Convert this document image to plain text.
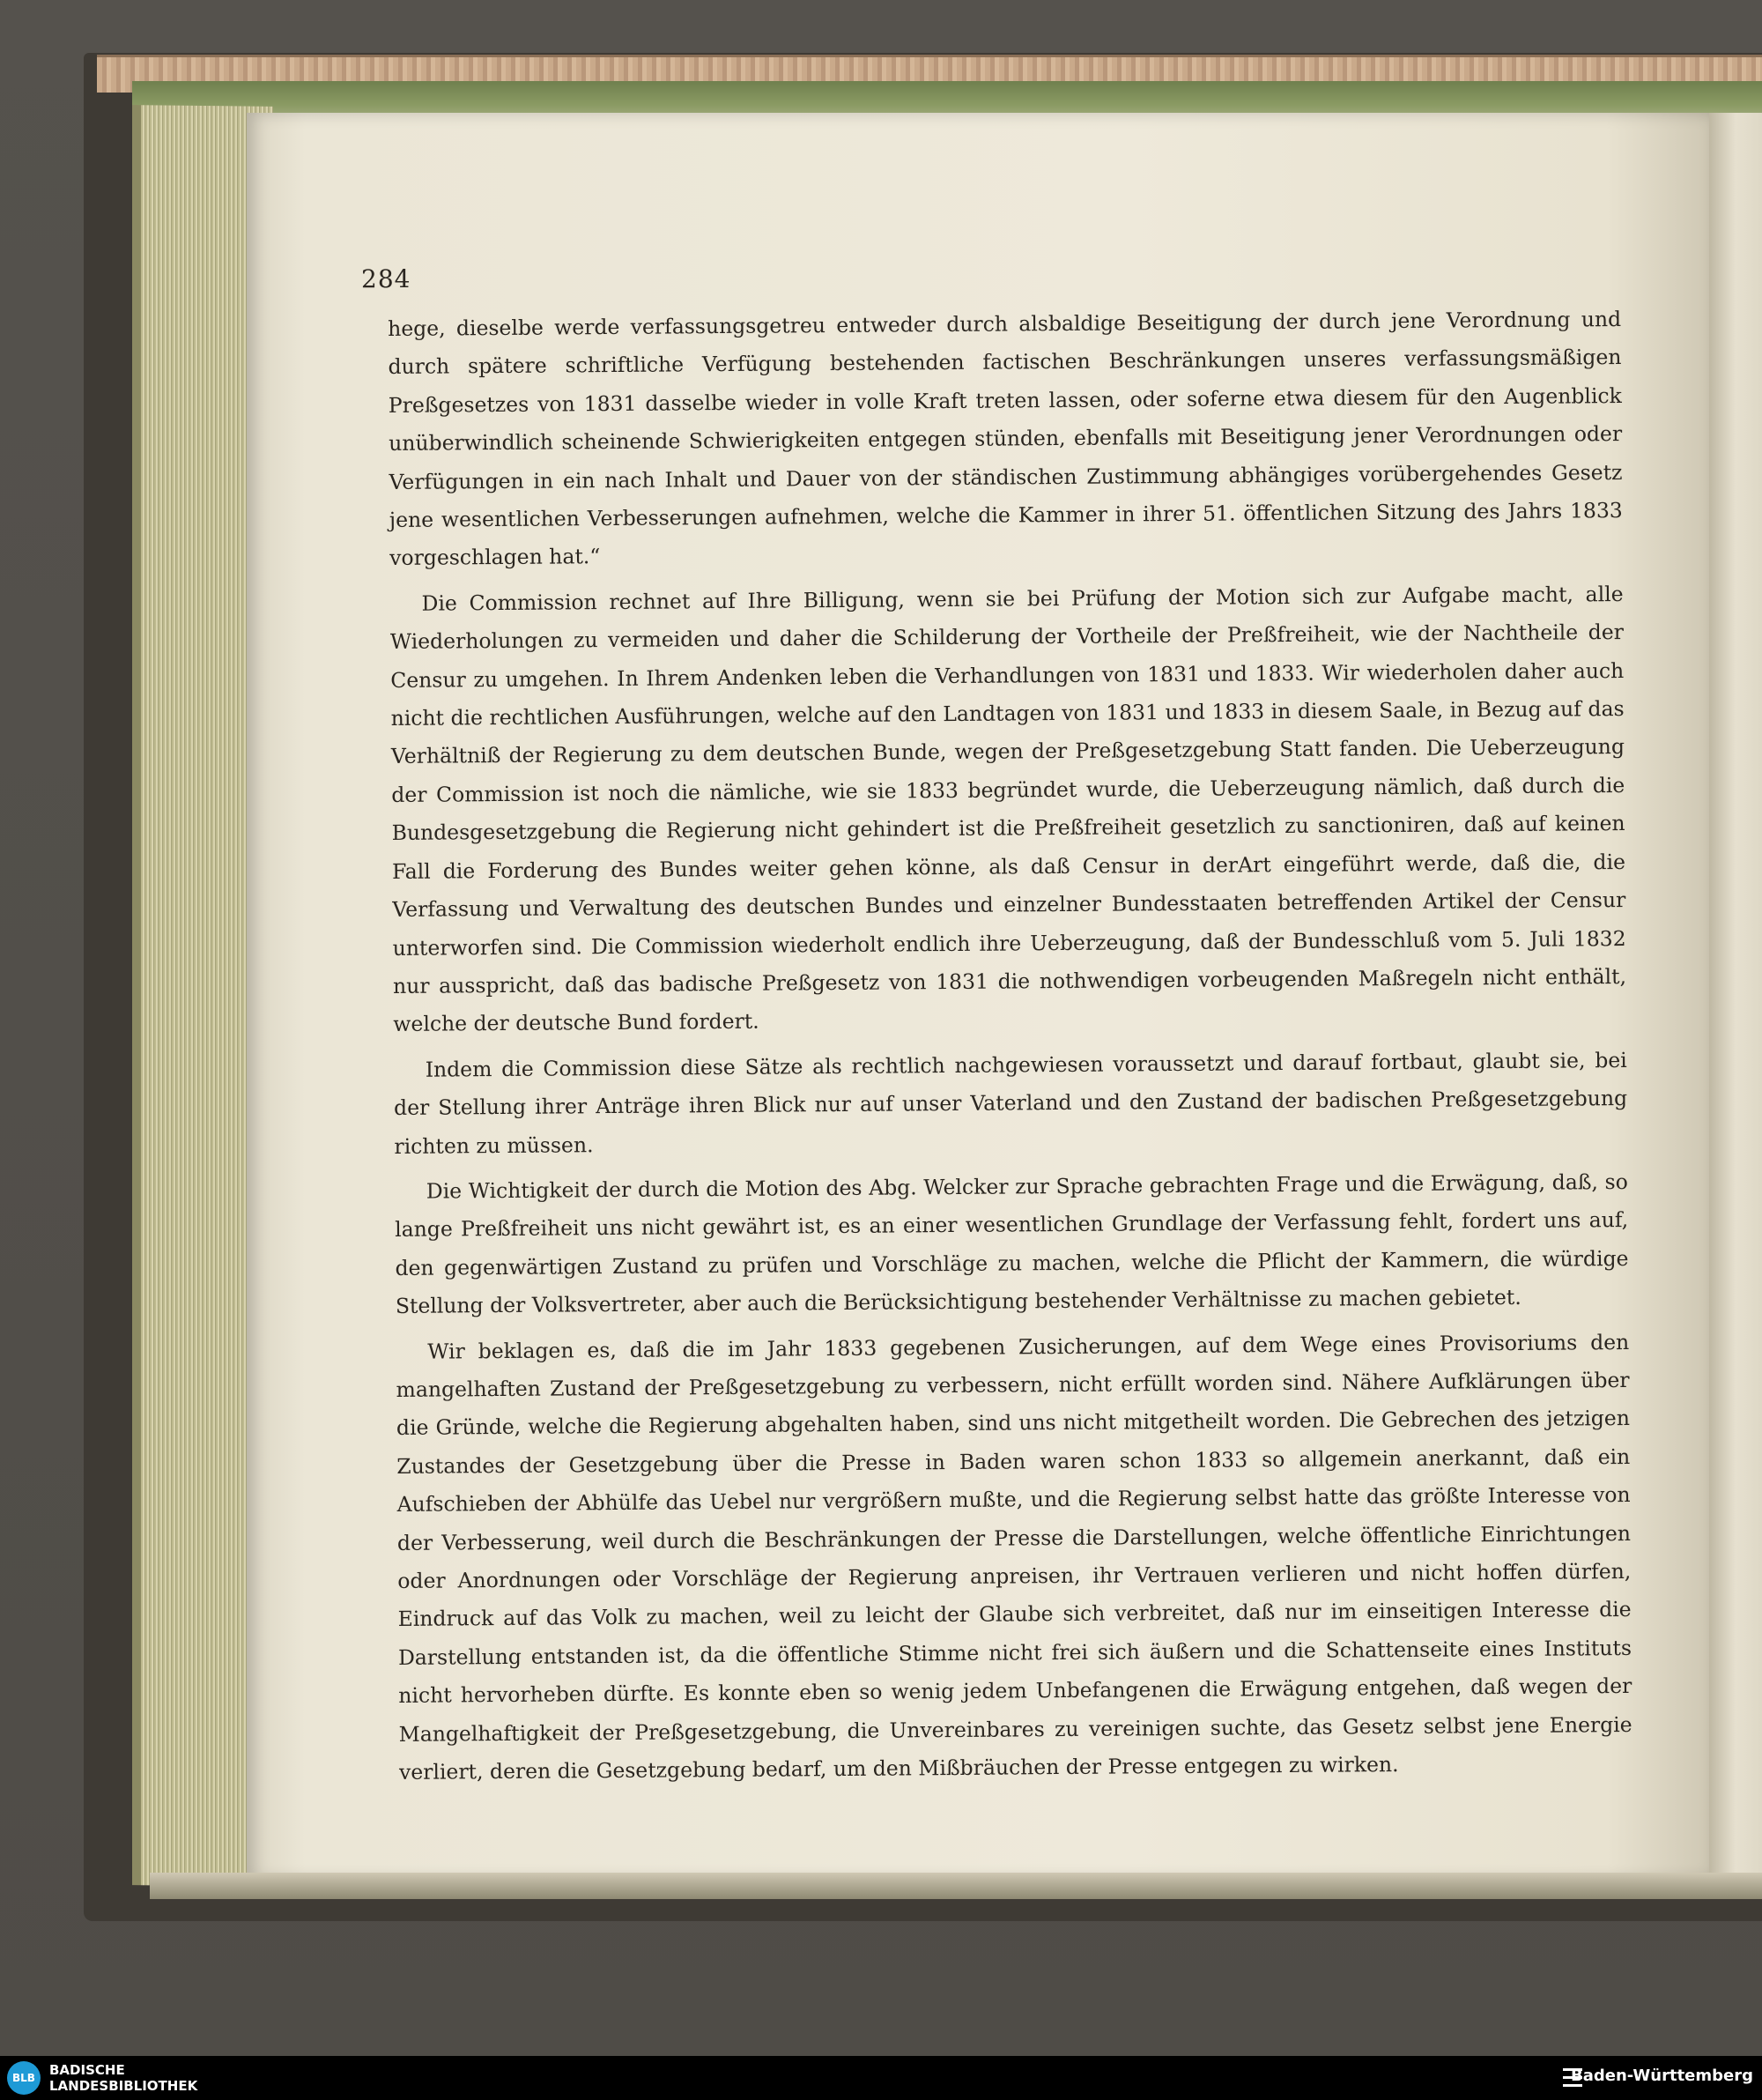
284

hege, dieselbe werde verfassungsgetreu entweder durch alsbaldige Beseitigung der durch jene Verordnung und durch spätere schriftliche Verfügung bestehenden factischen Beschränkungen unseres verfassungsmäßigen Preßgesetzes von 1831 dasselbe wieder in volle Kraft treten lassen, oder soferne etwa diesem für den Augenblick unüberwindlich scheinende Schwierigkeiten entgegen stünden, ebenfalls mit Beseitigung jener Verordnungen oder Verfügungen in ein nach Inhalt und Dauer von der ständischen Zustimmung abhängiges vorübergehendes Gesetz jene wesentlichen Verbesserungen aufnehmen, welche die Kammer in ihrer 51. öffentlichen Sitzung des Jahrs 1833 vorgeschlagen hat.“

Die Commission rechnet auf Ihre Billigung, wenn sie bei Prüfung der Motion sich zur Aufgabe macht, alle Wiederholungen zu vermeiden und daher die Schilderung der Vortheile der Preßfreiheit, wie der Nachtheile der Censur zu umgehen. In Ihrem Andenken leben die Verhandlungen von 1831 und 1833. Wir wiederholen daher auch nicht die rechtlichen Ausführungen, welche auf den Landtagen von 1831 und 1833 in diesem Saale, in Bezug auf das Verhältniß der Regierung zu dem deutschen Bunde, wegen der Preßgesetzgebung Statt fanden. Die Ueberzeugung der Commission ist noch die nämliche, wie sie 1833 begründet wurde, die Ueberzeugung nämlich, daß durch die Bundesgesetzgebung die Regierung nicht gehindert ist die Preßfreiheit gesetzlich zu sanctioniren, daß auf keinen Fall die Forderung des Bundes weiter gehen könne, als daß Censur in derArt eingeführt werde, daß die, die Verfassung und Verwaltung des deutschen Bundes und einzelner Bundesstaaten betreffenden Artikel der Censur unterworfen sind. Die Commission wiederholt endlich ihre Ueberzeugung, daß der Bundesschluß vom 5. Juli 1832 nur ausspricht, daß das badische Preßgesetz von 1831 die nothwendigen vorbeugenden Maßregeln nicht enthält, welche der deutsche Bund fordert.

Indem die Commission diese Sätze als rechtlich nachgewiesen voraussetzt und darauf fortbaut, glaubt sie, bei der Stellung ihrer Anträge ihren Blick nur auf unser Vaterland und den Zustand der badischen Preßgesetzgebung richten zu müssen.

Die Wichtigkeit der durch die Motion des Abg. Welcker zur Sprache gebrachten Frage und die Erwägung, daß, so lange Preßfreiheit uns nicht gewährt ist, es an einer wesentlichen Grundlage der Verfassung fehlt, fordert uns auf, den gegenwärtigen Zustand zu prüfen und Vorschläge zu machen, welche die Pflicht der Kammern, die würdige Stellung der Volksvertreter, aber auch die Berücksichtigung bestehender Verhältnisse zu machen gebietet.

Wir beklagen es, daß die im Jahr 1833 gegebenen Zusicherungen, auf dem Wege eines Provisoriums den mangelhaften Zustand der Preßgesetzgebung zu verbessern, nicht erfüllt worden sind. Nähere Aufklärungen über die Gründe, welche die Regierung abgehalten haben, sind uns nicht mitgetheilt worden. Die Gebrechen des jetzigen Zustandes der Gesetzgebung über die Presse in Baden waren schon 1833 so allgemein anerkannt, daß ein Aufschieben der Abhülfe das Uebel nur vergrößern mußte, und die Regierung selbst hatte das größte Interesse von der Verbesserung, weil durch die Beschränkungen der Presse die Darstellungen, welche öffentliche Einrichtungen oder Anordnungen oder Vorschläge der Regierung anpreisen, ihr Vertrauen verlieren und nicht hoffen dürfen, Eindruck auf das Volk zu machen, weil zu leicht der Glaube sich verbreitet, daß nur im einseitigen Interesse die Darstellung entstanden ist, da die öffentliche Stimme nicht frei sich äußern und die Schattenseite eines Instituts nicht hervorheben dürfte. Es konnte eben so wenig jedem Unbefangenen die Erwägung entgehen, daß wegen der Mangelhaftigkeit der Preßgesetzgebung, die Unvereinbares zu vereinigen suchte, das Gesetz selbst jene Energie verliert, deren die Gesetzgebung bedarf, um den Mißbräuchen der Presse entgegen zu wirken.

BLB	BADISCHE
LANDESBIBLIOTHEK
Baden-Württemberg
